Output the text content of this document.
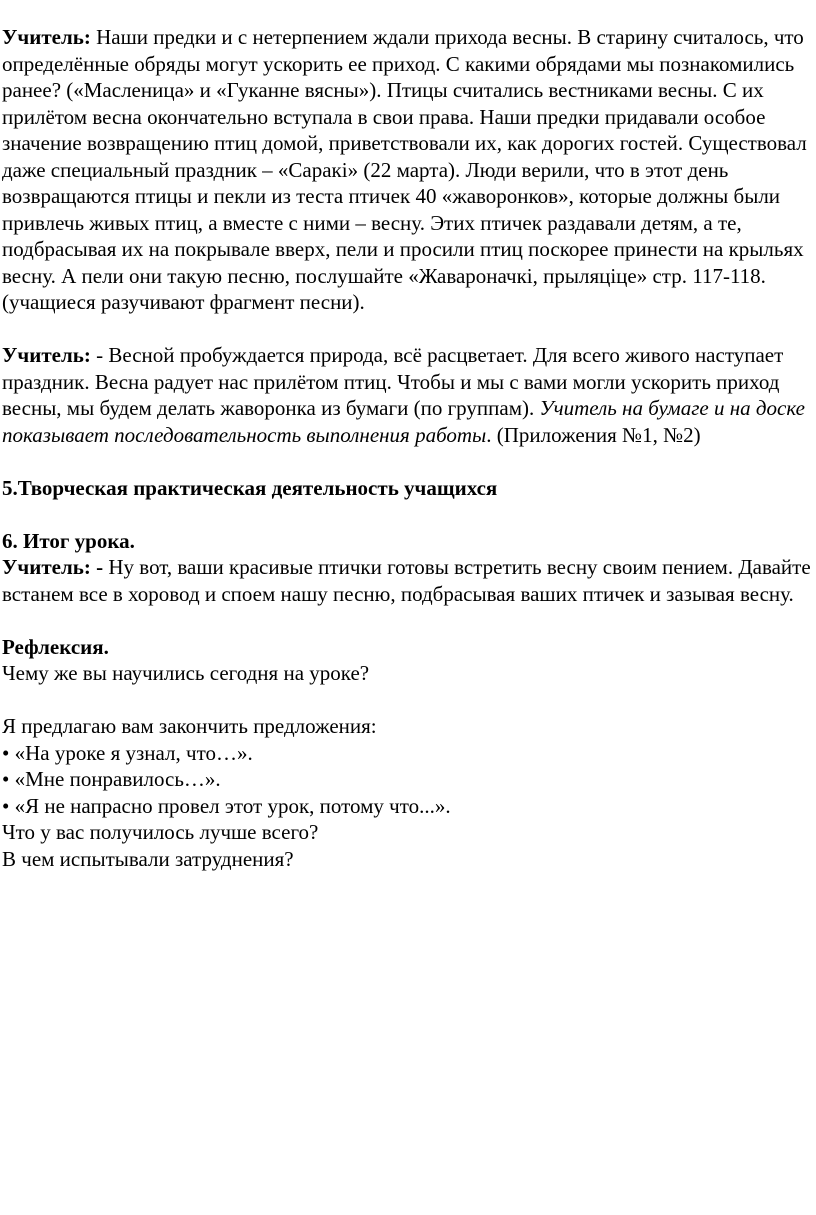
Учитель: Наши предки и с нетерпением ждали прихода весны. В старину считалось, что определённые обряды могут ускорить ее приход. С какими обрядами мы познакомились ранее? («Масленица» и «Гуканне вясны»). Птицы считались вестниками весны. С их прилётом весна окончательно вступала в свои права. Наши предки придавали особое значение возвращению птиц домой, приветствовали их, как дорогих гостей. Существовал даже специальный праздник – «Саракі» (22 марта). Люди верили, что в этот день возвращаются птицы и пекли из теста птичек 40 «жаворонков», которые должны были привлечь живых птиц, а вместе с ними – весну. Этих птичек раздавали детям, а те, подбрасывая их на покрывале вверх, пели и просили птиц поскорее принести на крыльях весну. А пели они такую песню, послушайте «Жавароначкі, прыляціце» стр. 117-118. (учащиеся разучивают фрагмент песни).

Учитель: - Весной пробуждается природа, всё расцветает. Для всего живого наступает праздник. Весна радует нас прилётом птиц. Чтобы и мы с вами могли ускорить приход весны, мы будем делать жаворонка из бумаги (по группам). Учитель на бумаге и на доске показывает последовательность выполнения работы. (Приложения №1, №2)

5.Творческая практическая деятельность учащихся

6. Итог урока.

Учитель: - Ну вот, ваши красивые птички готовы встретить весну своим пением. Давайте встанем все в хоровод и споем нашу песню, подбрасывая ваших птичек и зазывая весну.

Рефлексия.

Чему же вы научились сегодня на уроке?

Я предлагаю вам закончить предложения:

• «На уроке я узнал, что…».

• «Мне понравилось…».

• «Я не напрасно провел этот урок, потому что...».

Что у вас получилось лучше всего?

В чем испытывали затруднения?
